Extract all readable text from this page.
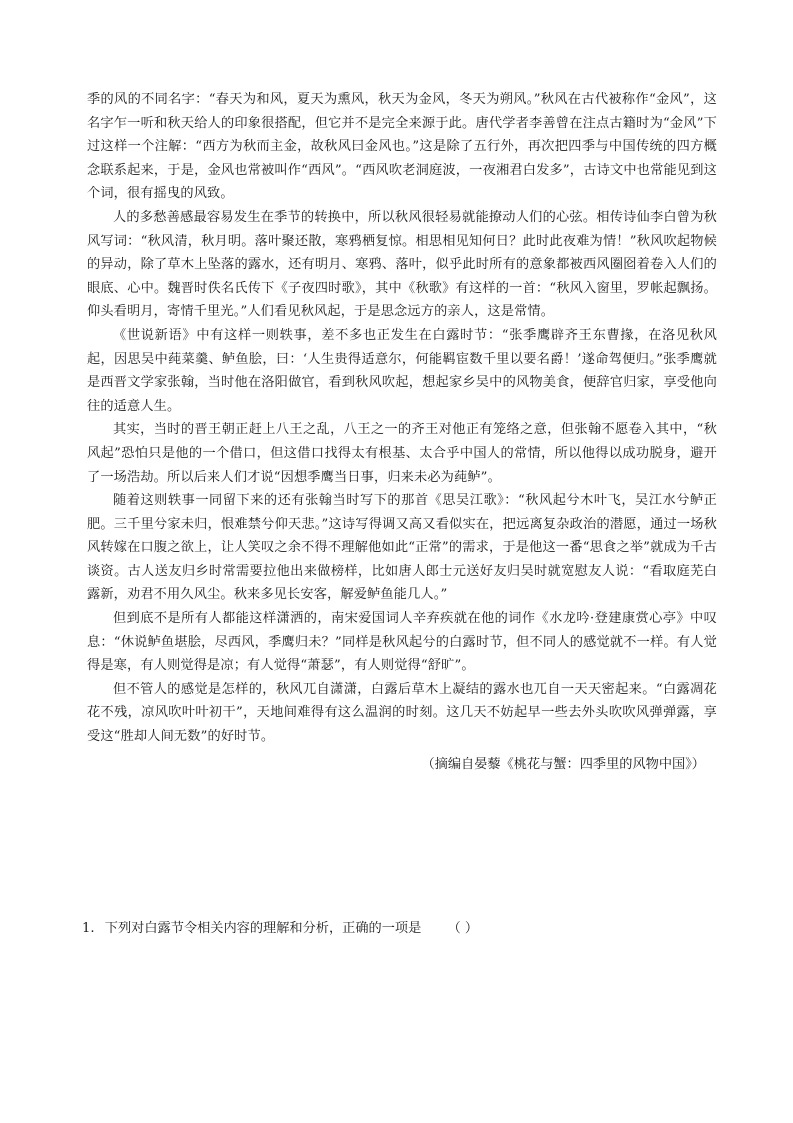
季的风的不同名字：“春天为和风，夏天为熏风，秋天为金风，冬天为朔风。”秋风在古代被称作“金风”，这名字乍一听和秋天给人的印象很搭配，但它并不是完全来源于此。唐代学者李善曾在注点古籍时为“金风”下过这样一个注解：“西方为秋而主金，故秋风曰金风也。”这是除了五行外，再次把四季与中国传统的四方概念联系起来，于是，金风也常被叫作“西风”。“西风吹老洞庭波，一夜湘君白发多”，古诗文中也常能见到这个词，很有摇曳的风致。

人的多愁善感最容易发生在季节的转换中，所以秋风很轻易就能撩动人们的心弦。相传诗仙李白曾为秋风写词：“秋风清，秋月明。落叶聚还散，寒鸦栖复惊。相思相见知何日？此时此夜难为情！”秋风吹起物候的异动，除了草木上坠落的露水，还有明月、寒鸦、落叶，似乎此时所有的意象都被西风圈囵着卷入人们的眼底、心中。魏晋时佚名氏传下《子夜四时歌》，其中《秋歌》有这样的一首：“秋风入窗里，罗帐起飘扬。仰头看明月，寄情千里光。”人们看见秋风起，于是思念远方的亲人，这是常情。

《世说新语》中有这样一则轶事，差不多也正发生在白露时节：“张季鹰辟齐王东曹掾，在洛见秋风起，因思吴中莼菜羹、鲈鱼脍，曰：‘人生贵得适意尔，何能羁宦数千里以要名爵！’遂命驾便归。”张季鹰就是西晋文学家张翰，当时他在洛阳做官，看到秋风吹起，想起家乡吴中的风物美食，便辞官归家，享受他向往的适意人生。

其实，当时的晋王朝正赶上八王之乱，八王之一的齐王对他正有笼络之意，但张翰不愿卷入其中，“秋风起”恐怕只是他的一个借口，但这借口找得太有根基、太合乎中国人的常情，所以他得以成功脱身，避开了一场浩劫。所以后来人们才说“因想季鹰当日事，归来未必为莼鲈”。

随着这则轶事一同留下来的还有张翰当时写下的那首《思吴江歌》：“秋风起兮木叶飞，吴江水兮鲈正肥。三千里兮家未归，恨难禁兮仰天悲。”这诗写得调又高又看似实在，把远离复杂政治的潜愿，通过一场秋风转嫁在口腹之欲上，让人笑叹之余不得不理解他如此“正常”的需求，于是他这一番“思食之举”就成为千古谈资。古人送友归乡时常需要拉他出来做榜样，比如唐人郎士元送好友归吴时就宽慰友人说：“看取庭芜白露新，劝君不用久风尘。秋来多见长安客，解爱鲈鱼能几人。”

但到底不是所有人都能这样潇洒的，南宋爱国词人辛弃疾就在他的词作《水龙吟·登建康赏心亭》中叹息：“休说鲈鱼堪脍，尽西风，季鹰归未？”同样是秋风起兮的白露时节，但不同人的感觉就不一样。有人觉得是寒，有人则觉得是凉；有人觉得“萧瑟”，有人则觉得“舒旷”。

但不管人的感觉是怎样的，秋风兀自潇潇，白露后草木上凝结的露水也兀自一天天密起来。“白露凋花花不残，凉风吹叶叶初干”，天地间难得有这么温润的时刻。这几天不妨起早一些去外头吹吹风弹弹露，享受这“胜却人间无数”的好时节。

（摘编自晏藜《桃花与蟹：四季里的风物中国》）

1. 下列对白露节令相关内容的理解和分析，正确的一项是 （ ）
